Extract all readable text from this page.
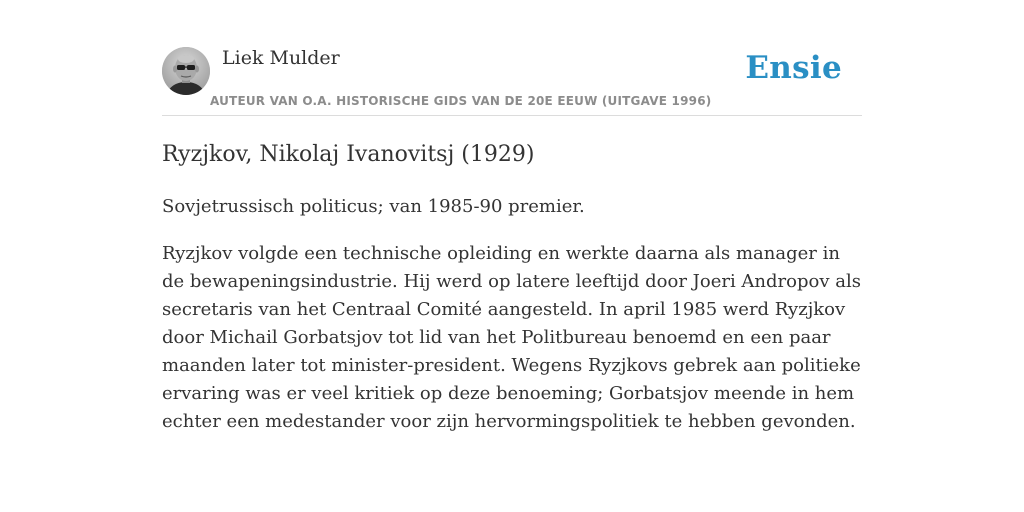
Liek Mulder
AUTEUR VAN O.A. HISTORISCHE GIDS VAN DE 20E EEUW (UITGAVE 1996)
Ensie
Ryzjkov, Nikolaj Ivanovitsj (1929)

Sovjetrussisch politicus; van 1985-90 premier.

Ryzjkov volgde een technische opleiding en werkte daarna als manager in de bewapeningsindustrie. Hij werd op latere leeftijd door Joeri Andropov als secretaris van het Centraal Comité aangesteld. In april 1985 werd Ryzjkov door Michail Gorbatsjov tot lid van het Politbureau benoemd en een paar maanden later tot minister-president. Wegens Ryzjkovs gebrek aan politieke ervaring was er veel kritiek op deze benoeming; Gorbatsjov meende in hem echter een medestander voor zijn hervormingspolitiek te hebben gevonden.
